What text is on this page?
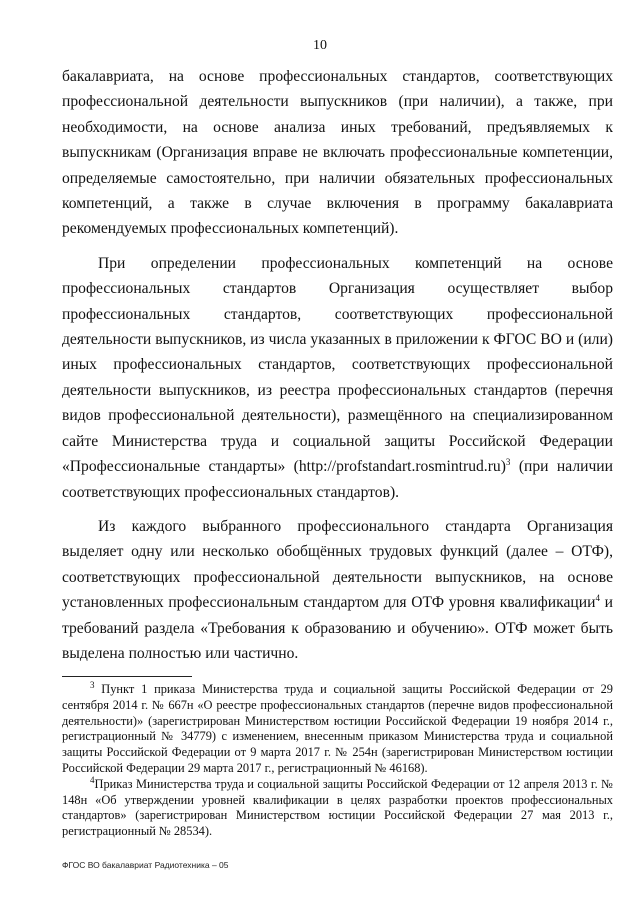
10

бакалавриата, на основе профессиональных стандартов, соответствующих профессиональной деятельности выпускников (при наличии), а также, при необходимости, на основе анализа иных требований, предъявляемых к выпускникам (Организация вправе не включать профессиональные компетенции, определяемые самостоятельно, при наличии обязательных профессиональных компетенций, а также в случае включения в программу бакалавриата рекомендуемых профессиональных компетенций).

При определении профессиональных компетенций на основе профессиональных стандартов Организация осуществляет выбор профессиональных стандартов, соответствующих профессиональной деятельности выпускников, из числа указанных в приложении к ФГОС ВО и (или) иных профессиональных стандартов, соответствующих профессиональной деятельности выпускников, из реестра профессиональных стандартов (перечня видов профессиональной деятельности), размещённого на специализированном сайте Министерства труда и социальной защиты Российской Федерации «Профессиональные стандарты» (http://profstandart.rosmintrud.ru)$^3$ (при наличии соответствующих профессиональных стандартов).

Из каждого выбранного профессионального стандарта Организация выделяет одну или несколько обобщённых трудовых функций (далее – ОТФ), соответствующих профессиональной деятельности выпускников, на основе установленных профессиональным стандартом для ОТФ уровня квалификации$^4$ и требований раздела «Требования к образованию и обучению». ОТФ может быть выделена полностью или частично.

$^3$ Пункт 1 приказа Министерства труда и социальной защиты Российской Федерации от 29 сентября 2014 г. № 667н «О реестре профессиональных стандартов (перечне видов профессиональной деятельности)» (зарегистрирован Министерством юстиции Российской Федерации 19 ноября 2014 г., регистрационный № 34779) с изменением, внесенным приказом Министерства труда и социальной защиты Российской Федерации от 9 марта 2017 г. № 254н (зарегистрирован Министерством юстиции Российской Федерации 29 марта 2017 г., регистрационный № 46168).

$^4$Приказ Министерства труда и социальной защиты Российской Федерации от 12 апреля 2013 г. № 148н «Об утверждении уровней квалификации в целях разработки проектов профессиональных стандартов» (зарегистрирован Министерством юстиции Российской Федерации 27 мая 2013 г., регистрационный № 28534).

ФГОС ВО бакалавриат Радиотехника – 05
